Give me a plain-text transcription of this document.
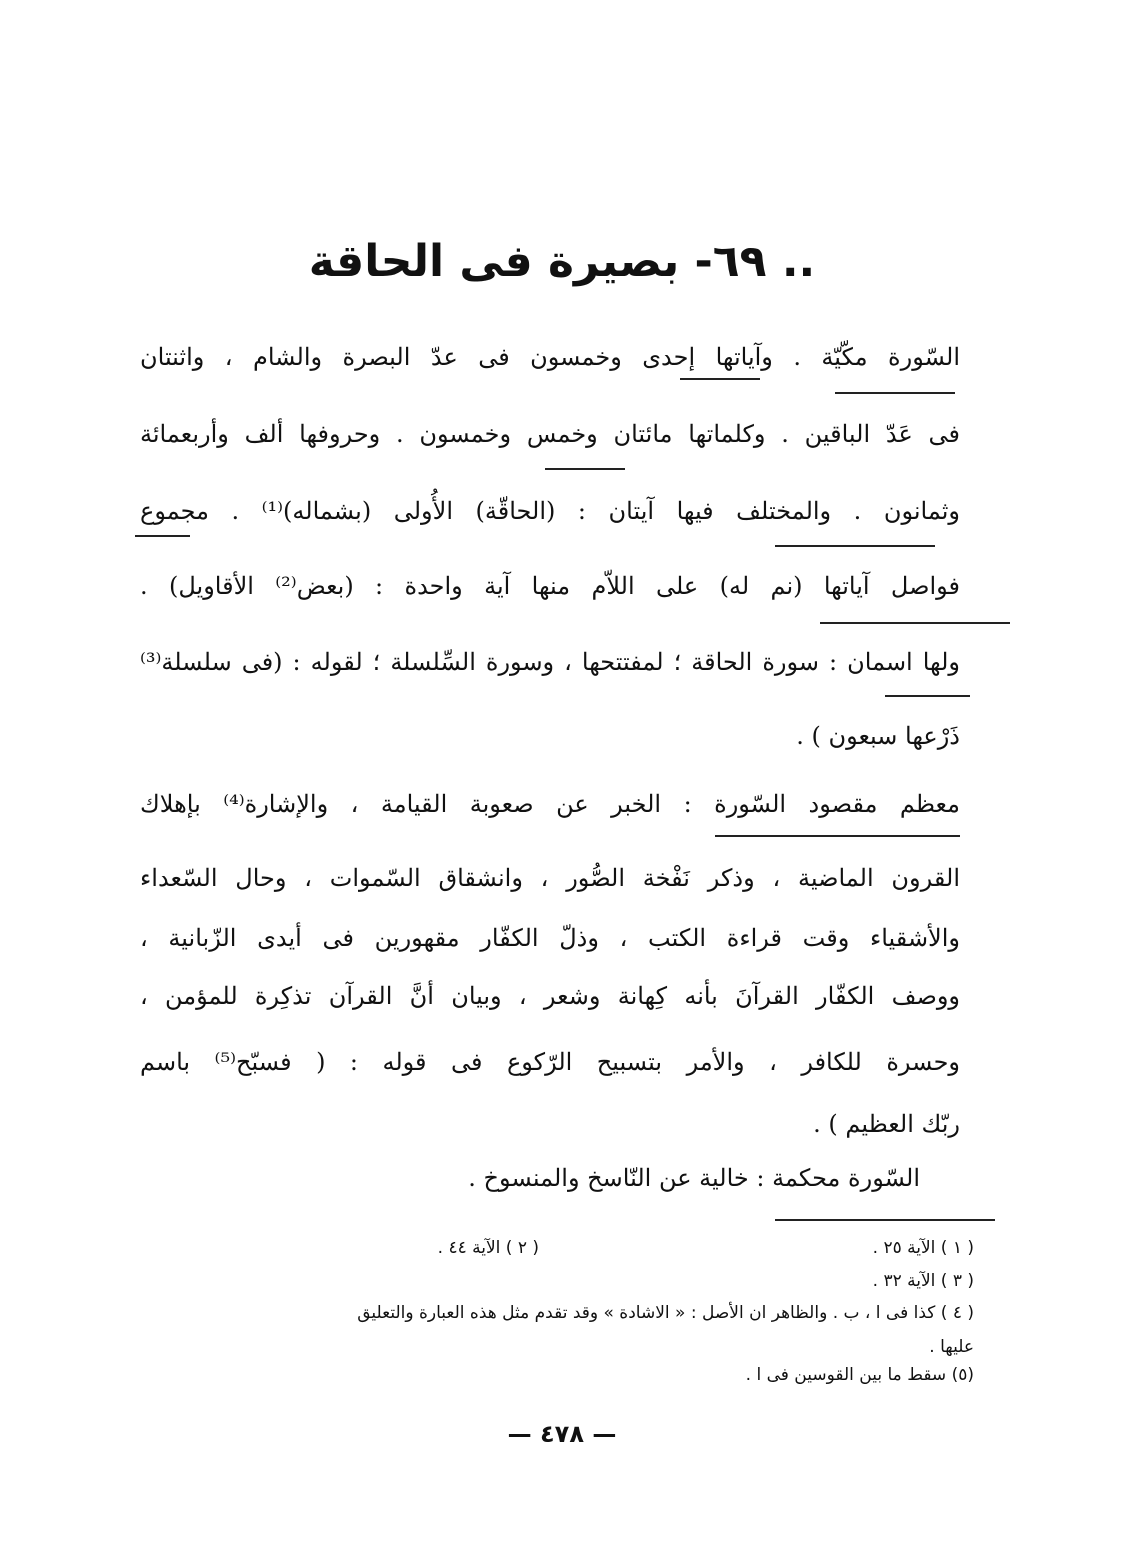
٦٩- بصيرة فى الحاقة ..
السّورة مكّيّة . وآياتها إحدى وخمسون فى عدّ البصرة والشام ، واثنتان
فى عَدّ الباقين . وكلماتها مائتان وخمس وخمسون . وحروفها ألف وأربعمائة
وثمانون . والمختلف فيها آيتان : (الحاقّة) الأُولى (بشماله)⁽¹⁾ . مجموع
فواصل آياتها (نم له) على اللاّم منها آية واحدة : (بعض⁽²⁾ الأقاويل) .
ولها اسمان : سورة الحاقة ؛ لمفتتحها ، وسورة السِّلسلة ؛ لقوله : (فى سلسلة⁽³⁾
ذَرْعها سبعون ) .
معظم مقصود السّورة : الخبر عن صعوبة القيامة ، والإشارة⁽⁴⁾ بإهلاك
القرون الماضية ، وذكر نَفْخة الصُّور ، وانشقاق السّموات ، وحال السّعداء
والأشقياء وقت قراءة الكتب ، وذلّ الكفّار مقهورين فى أيدى الزّبانية ،
ووصف الكفّار القرآنَ بأنه كِهانة وشعر ، وبيان أنَّ القرآن تذكِرة للمؤمن ،
وحسرة للكافر ، والأمر بتسبيح الرّكوع فى قوله : ( فسبّح⁽⁵⁾ باسم
ربّك العظيم ) .
السّورة محكمة : خالية عن النّاسخ والمنسوخ .
( ١ ) الآية ٢٥ .
( ٢ ) الآية ٤٤ .
( ٣ ) الآية ٣٢ .
( ٤ ) كذا فى ا ، ب . والظاهر ان الأصل : « الاشادة » وقد تقدم مثل هذه العبارة والتعليق
عليها .
(٥) سقط ما بين القوسين فى ا .
— ٤٧٨ —
